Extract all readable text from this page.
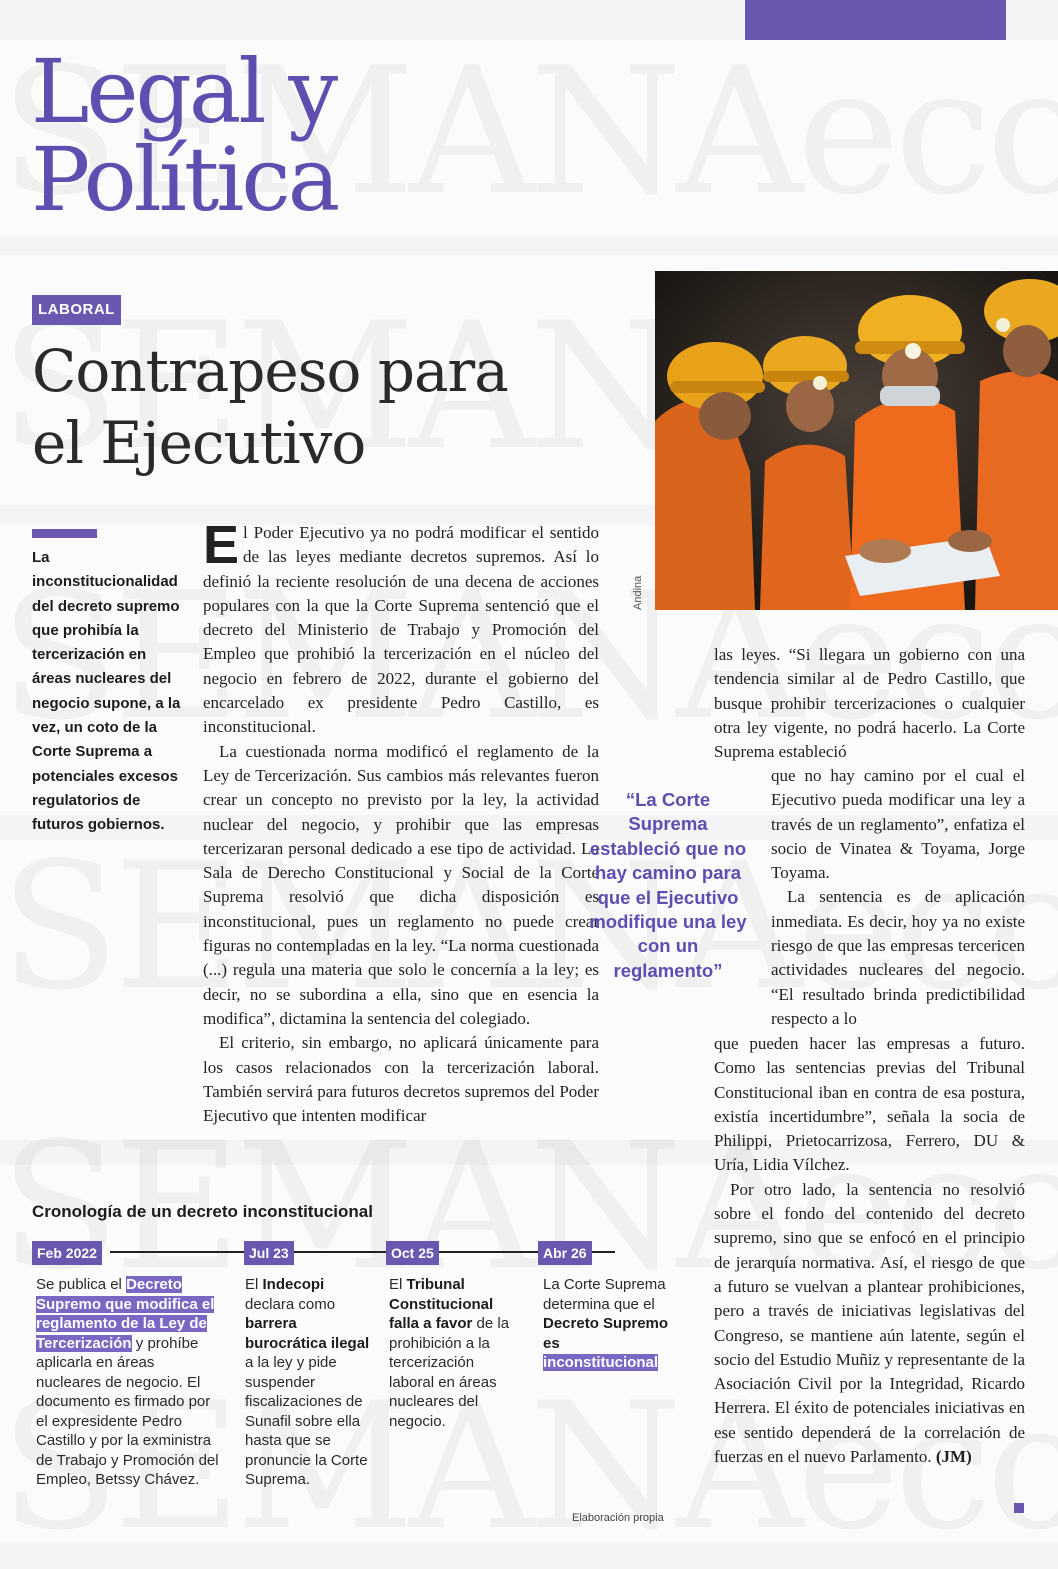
Legal y
Política
LABORAL
Contrapeso para
el Ejecutivo
Andina
La inconstitucionalidad del decreto supremo que prohibía la tercerización en áreas nucleares del negocio supone, a la vez, un coto de la Corte Suprema a potenciales excesos regulatorios de futuros gobiernos.

El Poder Ejecutivo ya no podrá modificar el sentido de las leyes mediante decretos supremos. Así lo definió la reciente resolución de una decena de acciones populares con la que la Corte Suprema sentenció que el decreto del Ministerio de Trabajo y Promoción del Empleo que prohibió la tercerización en el núcleo del negocio en febrero de 2022, durante el gobierno del encarcelado ex presidente Pedro Castillo, es inconstitucional.

La cuestionada norma modificó el reglamento de la Ley de Tercerización. Sus cambios más relevantes fueron crear un concepto no previsto por la ley, la actividad nuclear del negocio, y prohibir que las empresas tercerizaran personal dedicado a ese tipo de actividad. La Sala de Derecho Constitucional y Social de la Corte Suprema resolvió que dicha disposición es inconstitucional, pues un reglamento no puede crear figuras no contempladas en la ley. “La norma cuestionada (...) regula una materia que solo le concernía a la ley; es decir, no se subordina a ella, sino que en esencia la modifica”, dictamina la sentencia del colegiado.

El criterio, sin embargo, no aplicará únicamente para los casos relacionados con la tercerización laboral. También servirá para futuros decretos supremos del Poder Ejecutivo que intenten modificar

“La Corte Suprema estableció que no hay camino para que el Ejecutivo modifique una ley con un reglamento”

las leyes. “Si llegara un gobierno con una tendencia similar al de Pedro Castillo, que busque prohibir tercerizaciones o cualquier otra ley vigente, no podrá hacerlo. La Corte Suprema estableció

que no hay camino por el cual el Ejecutivo pueda modificar una ley a través de un reglamento”, enfatiza el socio de Vinatea & Toyama, Jorge Toyama.

La sentencia es de aplicación inmediata. Es decir, hoy ya no existe riesgo de que las empresas tercericen actividades nucleares del negocio. “El resultado brinda predictibilidad respecto a lo

que pueden hacer las empresas a futuro. Como las sentencias previas del Tribunal Constitucional iban en contra de esa postura, existía incertidumbre”, señala la socia de Philippi, Prietocarrizosa, Ferrero, DU & Uría, Lidia Vílchez.

Por otro lado, la sentencia no resolvió sobre el fondo del contenido del decreto supremo, sino que se enfocó en el principio de jerarquía normativa. Así, el riesgo de que a futuro se vuelvan a plantear prohibiciones, pero a través de iniciativas legislativas del Congreso, se mantiene aún latente, según el socio del Estudio Muñiz y representante de la Asociación Civil por la Integridad, Ricardo Herrera. El éxito de potenciales iniciativas en ese sentido dependerá de la correlación de fuerzas en el nuevo Parlamento. (JM)

Cronología de un decreto inconstitucional
Feb 2022	Jul 23	Oct 25	Abr 26
Se publica el Decreto Supremo que modifica el reglamento de la Ley de Tercerización y prohíbe aplicarla en áreas nucleares de negocio. El documento es firmado por el expresidente Pedro Castillo y por la exministra de Trabajo y Promoción del Empleo, Betssy Chávez.
El Indecopi declara como barrera burocrática ilegal a la ley y pide suspender fiscalizaciones de Sunafil sobre ella hasta que se pronuncie la Corte Suprema.
El Tribunal Constitucional falla a favor de la prohibición a la tercerización laboral en áreas nucleares del negocio.
La Corte Suprema determina que el Decreto Supremo es inconstitucional
Elaboración propia
